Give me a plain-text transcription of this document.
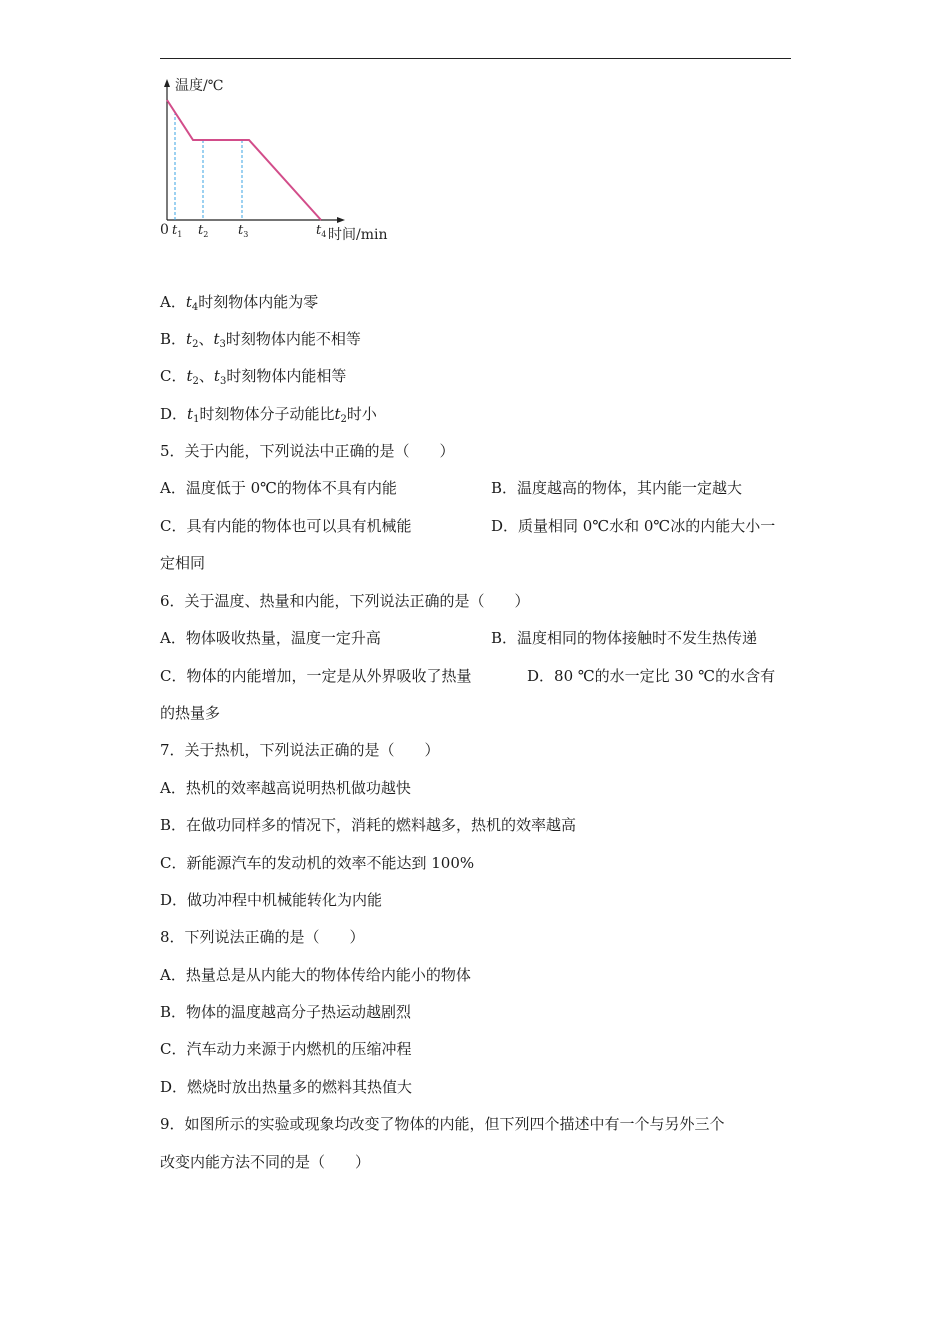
温度/℃
0 $t_1$ $t_2$ $t_3$	$t_4$ 时间/min
A．$t_4$时刻物体内能为零
B．$t_2$、$t_3$时刻物体内能不相等
C．$t_2$、$t_3$时刻物体内能相等
D．$t_1$时刻物体分子动能比$t_2$时小
5．关于内能，下列说法中正确的是（　　）
A．温度低于 0℃的物体不具有内能	B．温度越高的物体，其内能一定越大
C．具有内能的物体也可以具有机械能	D．质量相同 0℃水和 0℃冰的内能大小一
定相同
6．关于温度、热量和内能，下列说法正确的是（　　）
A．物体吸收热量，温度一定升高	B．温度相同的物体接触时不发生热传递
C．物体的内能增加，一定是从外界吸收了热量	D．80 ℃的水一定比 30 ℃的水含有
的热量多
7．关于热机，下列说法正确的是（　　）
A．热机的效率越高说明热机做功越快
B．在做功同样多的情况下，消耗的燃料越多，热机的效率越高
C．新能源汽车的发动机的效率不能达到 100%
D．做功冲程中机械能转化为内能
8．下列说法正确的是（　　）
A．热量总是从内能大的物体传给内能小的物体
B．物体的温度越高分子热运动越剧烈
C．汽车动力来源于内燃机的压缩冲程
D．燃烧时放出热量多的燃料其热值大
9．如图所示的实验或现象均改变了物体的内能，但下列四个描述中有一个与另外三个
改变内能方法不同的是（　　）
